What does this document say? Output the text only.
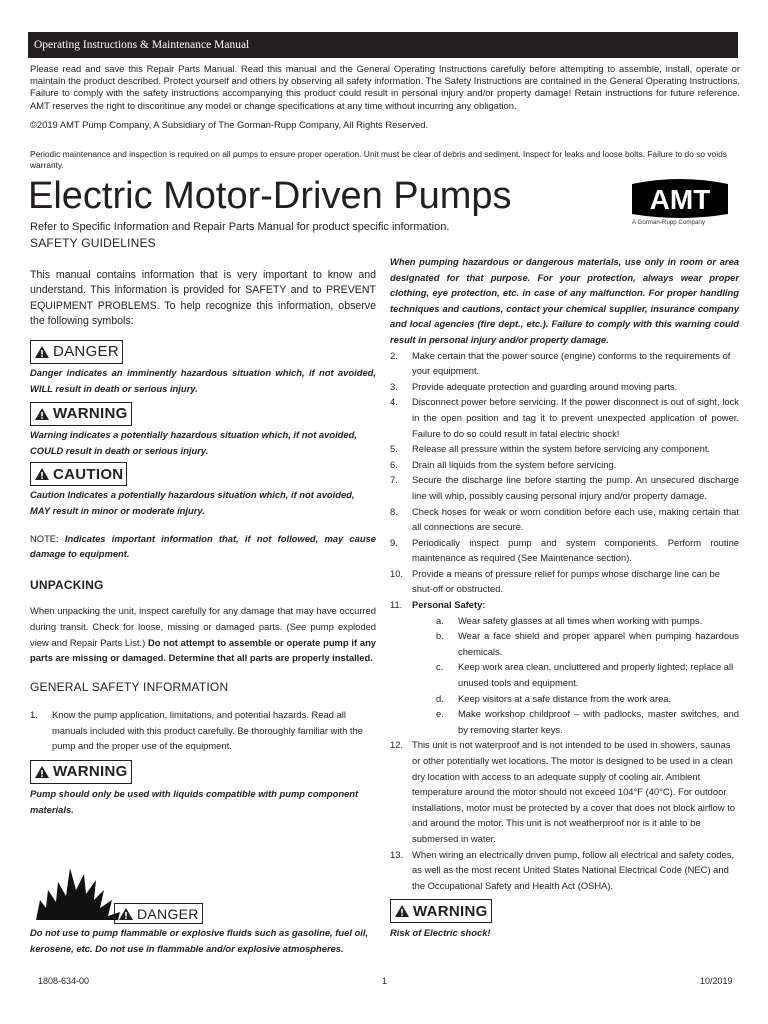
Operating Instructions & Maintenance Manual

Please read and save this Repair Parts Manual. Read this manual and the General Operating Instructions carefully before attempting to assemble, install, operate or maintain the product described. Protect yourself and others by observing all safety information. The Safety Instructions are contained in the General Operating Instructions. Failure to comply with the safety instructions accompanying this product could result in personal injury and/or property damage! Retain instructions for future reference. AMT reserves the right to discontinue any model or change specifications at any time without incurring any obligation.

©2019 AMT Pump Company, A Subsidiary of The Gorman-Rupp Company, All Rights Reserved.

Periodic maintenance and inspection is required on all pumps to ensure proper operation. Unit must be clear of debris and sediment. Inspect for leaks and loose bolts. Failure to do so voids warranty.

Electric Motor-Driven Pumps
Refer to Specific Information and Repair Parts Manual for product specific information.
AMT
A Gorman-Rupp Company
SAFETY GUIDELINES

This manual contains information that is very important to know and understand. This information is provided for SAFETY and to PREVENT EQUIPMENT PROBLEMS. To help recognize this information, observe the following symbols:

DANGER

Danger indicates an imminently hazardous situation which, if not avoided, WILL result in death or serious injury.

WARNING

Warning indicates a potentially hazardous situation which, if not avoided, COULD result in death or serious injury.

CAUTION

Caution Indicates a potentially hazardous situation which, if not avoided, MAY result in minor or moderate injury.

NOTE: Indicates important information that, if not followed, may cause damage to equipment.

UNPACKING

When unpacking the unit, inspect carefully for any damage that may have occurred during transit. Check for loose, missing or damaged parts. (See pump exploded view and Repair Parts List.) Do not attempt to assemble or operate pump if any parts are missing or damaged. Determine that all parts are properly installed.

GENERAL SAFETY INFORMATION
1. Know the pump application, limitations, and potential hazards. Read all manuals included with this product carefully. Be thoroughly familiar with the pump and the proper use of the equipment.
WARNING

Pump should only be used with liquids compatible with pump component materials.

DANGER

Do not use to pump flammable or explosive fluids such as gasoline, fuel oil, kerosene, etc. Do not use in flammable and/or explosive atmospheres.

When pumping hazardous or dangerous materials, use only in room or area designated for that purpose. For your protection, always wear proper clothing, eye protection, etc. in case of any malfunction. For proper handling techniques and cautions, contact your chemical supplier, insurance company and local agencies (fire dept., etc.). Failure to comply with this warning could result in personal injury and/or property damage.

2. Make certain that the power source (engine) conforms to the requirements of your equipment.
3. Provide adequate protection and guarding around moving parts.
4. Disconnect power before servicing. If the power disconnect is out of sight, lock in the open position and tag it to prevent unexpected application of power. Failure to do so could result in fatal electric shock!
5. Release all pressure within the system before servicing any component.
6. Drain all liquids from the system before servicing.
7. Secure the discharge line before starting the pump. An unsecured discharge line will whip, possibly causing personal injury and/or property damage.
8. Check hoses for weak or worn condition before each use, making certain that all connections are secure.
9. Periodically inspect pump and system components. Perform routine maintenance as required (See Maintenance section).
10. Provide a means of pressure relief for pumps whose discharge line can be shut-off or obstructed.
11. Personal Safety:
a. Wear safety glasses at all times when working with pumps.
b. Wear a face shield and proper apparel when pumping hazardous chemicals.
c. Keep work area clean, uncluttered and properly lighted; replace all unused tools and equipment.
d. Keep visitors at a safe distance from the work area.
e. Make workshop childproof – with padlocks, master switches, and by removing starter keys.
12. This unit is not waterproof and is not intended to be used in showers, saunas or other potentially wet locations. The motor is designed to be used in a clean dry location with access to an adequate supply of cooling air. Ambient temperature around the motor should not exceed 104°F (40°C). For outdoor installations, motor must be protected by a cover that does not block airflow to and around the motor. This unit is not weatherproof nor is it able to be submersed in water.
13. When wiring an electrically driven pump, follow all electrical and safety codes, as well as the most recent United States National Electrical Code (NEC) and the Occupational Safety and Health Act (OSHA).
WARNING

Risk of Electric shock!

1808-634-00	1	10/2019
